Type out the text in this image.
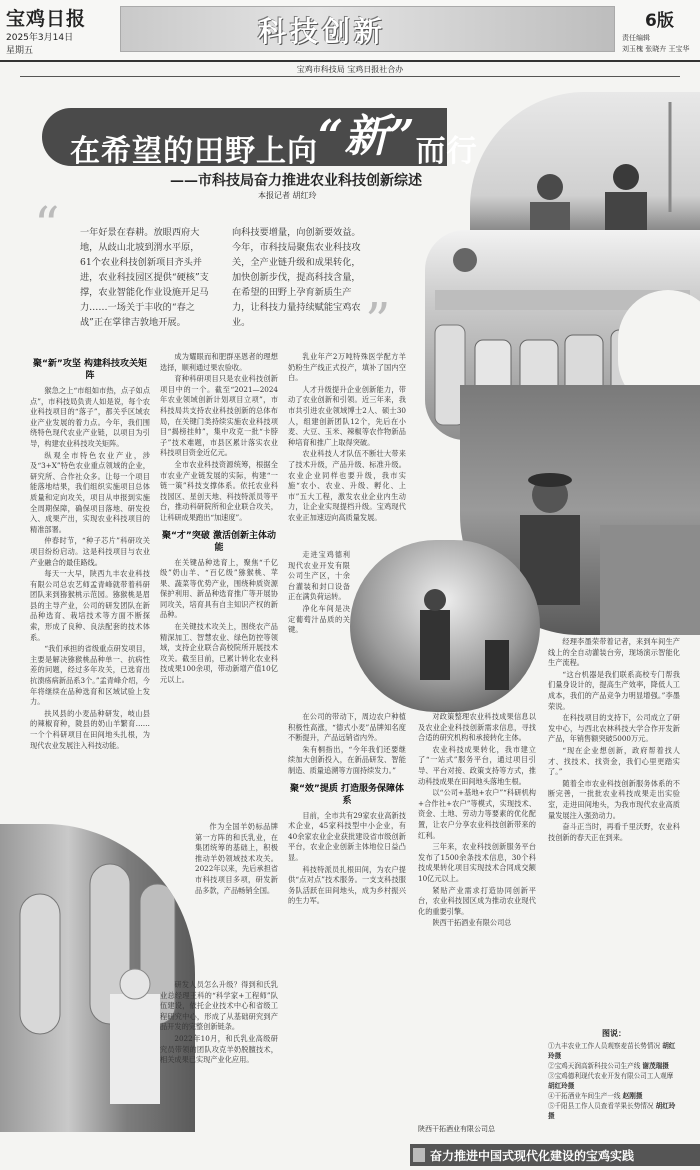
宝鸡日报
2025年3月14日
星期五
科技创新	6版
责任编辑
刘玉槐 张晓卉 王宝华
宝鸡市科技局 宝鸡日报社合办
在希望的田野上向“新”而行
——市科技局奋力推进农业科技创新综述
本报记者 胡红玲
“
”
一年好景在春耕。放眼西府大地，从歧山北坡到渭水平原，61个农业科技创新项目齐头并进，农业科技园区提供“硬核”支撑，农业智能化作业设施开足马力……一场关于丰收的“春之战”正在掌律吉敦地开展。
向科技要增量，向创新要效益。今年，市科技局聚焦农业科技攻关，全产业链升级和成果转化，加快创新步伐，提高科技含量，在希望的田野上孕育新质生产力，让科技力量持续赋能宝鸡农业。
聚“新”攻坚 构建科技攻关矩阵

猴急之上“市组如市热，点子如点点”，市科技局负责人如是说，每个农业科技项目的“落子”，都关乎区域农业产业发展的着力点。今年，我们围绕特色现代农业产业链，以项目为引导，构建农业科技攻关矩阵。

纵观全市特色农业产业，涉及“3+X”特色农业重点领域的企业，研究所、合作社众多。让每一个项目能落地结果，我们组织实施项目总体质量和定向攻关，项目从申报到实施全周期保障，确保项目落地、研发投入、成果产出，实现农业科技项目的精准部署。

仲春时节，“种子芯片”科研攻关项目纷纷启动。这是科技项目与农业产业融合的最佳路线。

每天一大早，陕西九丰农业科技有限公司总农艺师孟青峰就带着科研团队来到猕猴桃示范园。猕猴桃是眉县的主导产业，公司的研发团队在新品种选育、栽培技术等方面不断探索，形成了良种、良法配套的技术体系。

“我们承担的省级重点研发项目，主要是解决猕猴桃品种单一、抗病性差的问题，经过多年攻关，已选育出抗溃疡病新品系3个。”孟青峰介绍，今年将继续在品种选育和区域试验上发力。

扶风县的小麦品种研发，岐山县的辣椒育种，陇县的奶山羊繁育……一个个科研项目在田间地头扎根，为现代农业发展注入科技动能。

成为耀眼而和肥群巫恩者的理想选择，顺利通过果农验收。

育种科研项目只是农业科技创新项目中的一个。截至“2021—2024年农业领域创新计划项目立项”，市科技局共支持农业科技创新的总体布局，在关键门类持续实施农业科技项目“揭榜挂帅”，集中攻克一批“卡脖子”技术难题，市县区累计落实农业科技项目资金近亿元。

全市农业科技资源统筹，根据全市农业产业链发展的实际，构建“一链一策”科技支撑体系。依托农业科技园区、星创天地、科技特派员等平台，推动科研院所和企业联合攻关，让科研成果跑出“加速度”。

聚“才”突破 激活创新主体动能

在关键品种选育上，聚焦“千亿级”奶山羊、“百亿级”猕猴桃、苹果、蔬菜等优势产业，围绕种质资源保护利用、新品种选育推广等开展协同攻关，培育具有自主知识产权的新品种。

在关键技术攻关上，围绕农产品精深加工、智慧农业、绿色防控等领域，支持企业联合高校院所开展技术攻关。截至目前，已累计转化农业科技成果100余项，带动新增产值10亿元以上。

作为全国羊奶标品牌第一方阵的和氏乳业，在集团统筹的基础上，积极推动羊奶领域技术攻关。2022年以来，先后承担省市科技项目多项，研发新品多款，产品畅销全国。

研发人员怎么升级？得到和氏乳业总经理王科的“科学家+工程师”队伍建设，依托企业技术中心和省级工程研究中心，形成了从基础研究到产品开发的完整创新链条。

2022年10月，和氏乳业高级研究员带领的团队攻克羊奶脱膻技术，相关成果已实现产业化应用。

乳业年产2万吨特殊医学配方羊奶粉生产线正式投产，填补了国内空白。

人才升级提升企业创新能力，带动了农业创新和引领。近三年来，我市共引进农业领域博士2人、硕士30人，组建创新团队12个，先后在小麦、大豆、玉米、辣椒等农作物新品种培育和推广上取得突破。

农业科技人才队伍不断壮大带来了技术升级，产品升级、标准升级。农业企业同样也要升级，我市实施“农小、农业、升级、孵化、上市”五大工程，激发农业企业内生动力，让企业实现提档升级。宝鸡现代农业正加速迈向高质量发展。

走进宝鸡德利现代农业开发有限公司生产区，十余台灌装和封口设备正在满负荷运转。

净化车间是决定葡萄汁品质的关键。

在公司的带动下，周边农户种植积极性高涨，“德式小麦”品牌知名度不断提升，产品远销省内外。

朱有桐指出，“今年我们还要继续加大创新投入，在新品研发、智能制造、质量追溯等方面持续发力。”

聚“效”提质 打造服务保障体系

目前，全市共有29家农业高新技术企业，45家科技型中小企业，有40余家农业企业获批建设省市级创新平台，农业企业创新主体地位日益凸显。

科技特派员扎根田间，为农户提供“点对点”技术服务。一支支科技服务队活跃在田间地头，成为乡村振兴的生力军。

对政策整理农业科技成果信息以及农业企业科技创新需求信息，寻找合适的研究机构和承接转化主体。

农业科技成果转化，我市建立了“一站式”服务平台，通过项目引导、平台对接、政策支持等方式，推动科技成果在田间地头落地生根。

以“公司+基地+农户”“科研机构+合作社+农户”等模式，实现技术、资金、土地、劳动力等要素的优化配置，让农户分享农业科技创新带来的红利。

三年来，农业科技创新服务平台发布了1500余条技术信息，30个科技成果转化项目实现技术合同成交额10亿元以上。

紧贴产业需求打造协同创新平台，农业科技园区成为推动农业现代化的重要引擎。

陕西干拓酒业有限公司总

经理李墨荣带着记者，来到车间生产线上的全自动灌装台旁，现场演示智能化生产流程。

“这台机器是我们联系高校专门帮我们量身设计的，提高生产效率，降低人工成本，我们的产品竞争力明显增强。”李墨荣说。

在科技项目的支持下，公司成立了研发中心，与西北农林科技大学合作开发新产品，年销售额突破5000万元。

“现在企业想创新，政府帮着找人才、找技术、找资金，我们心里更踏实了。”

随着全市农业科技创新服务体系的不断完善，一批批农业科技成果走出实验室，走进田间地头，为我市现代农业高质量发展注入强劲动力。

奋斗正当时，再看千里沃野，农业科技创新的春天正在到来。

图说：
①九丰农业工作人员观察麦苗长势情况 胡红玲摄
②宝鸡天润高新科技公司生产线 谢茂瑞摄
③宝鸡德利现代农业开发有限公司工人观摩 胡红玲摄
④干拓酒业车间生产一线 赵刚摄
⑤千阳县工作人员查看苹果长势情况 胡红玲摄
陕西干拓酒业有限公司总
奋力推进中国式现代化建设的宝鸡实践
